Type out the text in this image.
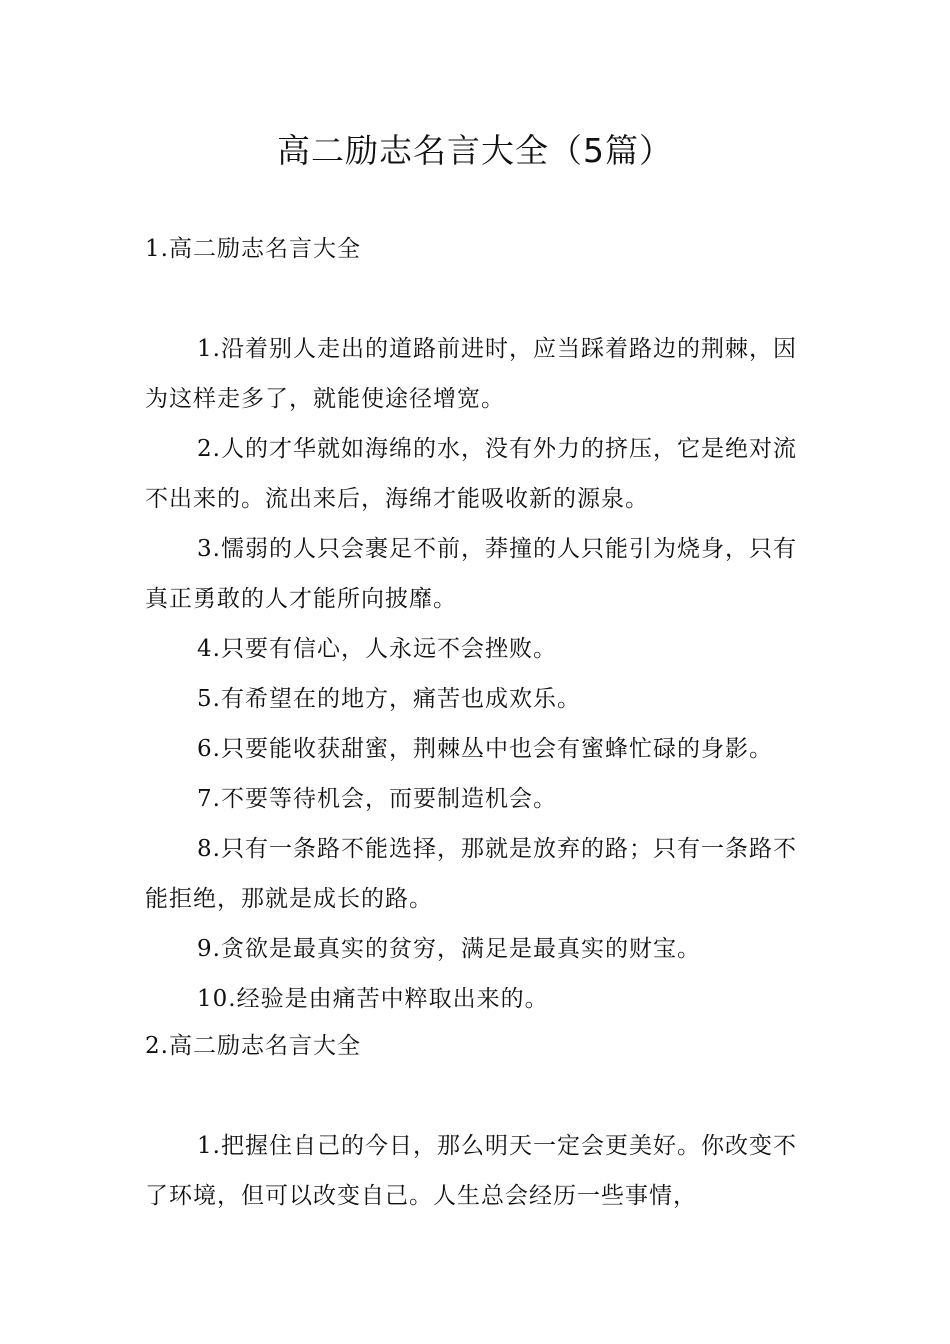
高二励志名言大全（5篇）

1.高二励志名言大全

1.沿着别人走出的道路前进时，应当踩着路边的荆棘，因为这样走多了，就能使途径增宽。

2.人的才华就如海绵的水，没有外力的挤压，它是绝对流不出来的。流出来后，海绵才能吸收新的源泉。

3.懦弱的人只会裹足不前，莽撞的人只能引为烧身，只有真正勇敢的人才能所向披靡。

4.只要有信心，人永远不会挫败。

5.有希望在的地方，痛苦也成欢乐。

6.只要能收获甜蜜，荆棘丛中也会有蜜蜂忙碌的身影。

7.不要等待机会，而要制造机会。

8.只有一条路不能选择，那就是放弃的路；只有一条路不能拒绝，那就是成长的路。

9.贪欲是最真实的贫穷，满足是最真实的财宝。

10.经验是由痛苦中粹取出来的。

2.高二励志名言大全

1.把握住自己的今日，那么明天一定会更美好。你改变不了环境，但可以改变自己。人生总会经历一些事情，
